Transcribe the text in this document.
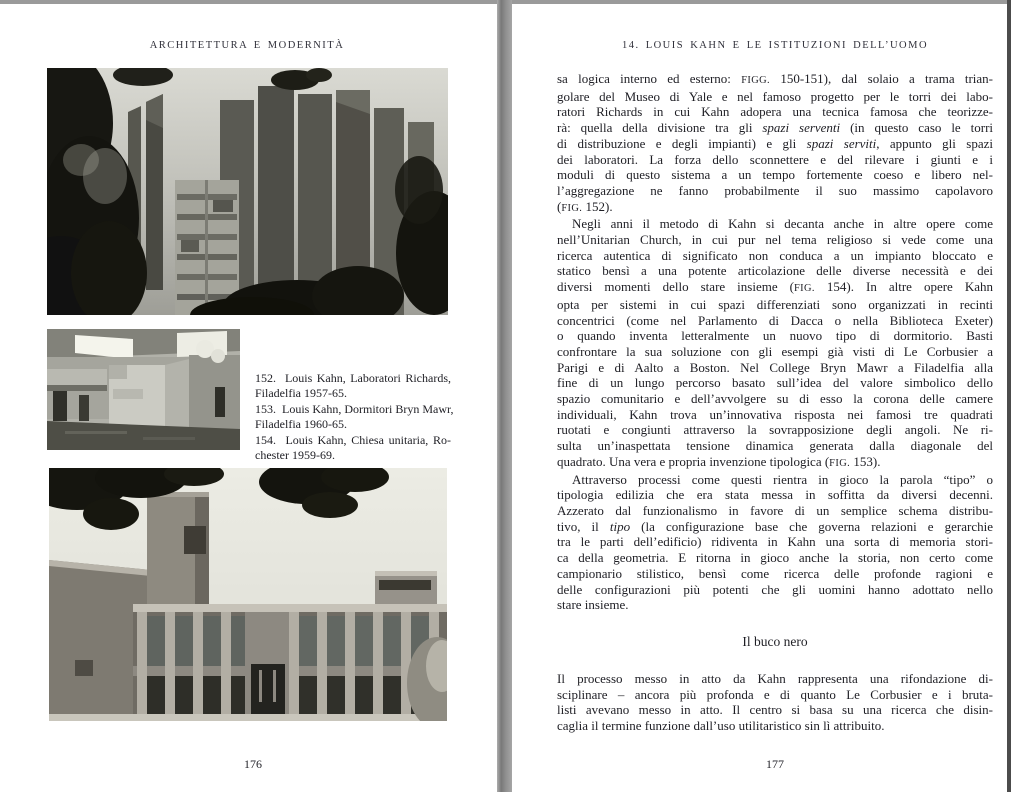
ARCHITETTURA E MODERNITÀ
152.  Louis Kahn, Laboratori Richards,
Filadelfia 1957-65.
153.  Louis Kahn, Dormitori Bryn Mawr,
Filadelfia 1960-65.
154.  Louis Kahn, Chiesa unitaria, Ro-
chester 1959-69.
176
14. LOUIS KAHN E LE ISTITUZIONI DELL’UOMO
sa logica interno ed esterno: FIGG. 150-151), dal solaio a trama trian-
golare del Museo di Yale e nel famoso progetto per le torri dei labo-
ratori Richards in cui Kahn adopera una tecnica famosa che teorizze-
rà: quella della divisione tra gli spazi serventi (in questo caso le torri
di distribuzione e degli impianti) e gli spazi serviti, appunto gli spazi
dei laboratori. La forza dello sconnettere e del rilevare i giunti e i
moduli di questo sistema a un tempo fortemente coeso e libero nel-
l’aggregazione ne fanno probabilmente il suo massimo capolavoro
(FIG. 152).
Negli anni il metodo di Kahn si decanta anche in altre opere come
nell’Unitarian Church, in cui pur nel tema religioso si vede come una
ricerca autentica di significato non conduca a un impianto bloccato e
statico bensì a una potente articolazione delle diverse necessità e dei
diversi momenti dello stare insieme (FIG. 154). In altre opere Kahn
opta per sistemi in cui spazi differenziati sono organizzati in recinti
concentrici (come nel Parlamento di Dacca o nella Biblioteca Exeter)
o quando inventa letteralmente un nuovo tipo di dormitorio. Basti
confrontare la sua soluzione con gli esempi già visti di Le Corbusier a
Parigi e di Aalto a Boston. Nel College Bryn Mawr a Filadelfia alla
fine di un lungo percorso basato sull’idea del valore simbolico dello
spazio comunitario e dell’avvolgere su di esso la corona delle camere
individuali, Kahn trova un’innovativa risposta nei famosi tre quadrati
ruotati e congiunti attraverso la sovrapposizione degli angoli. Ne ri-
sulta un’inaspettata tensione dinamica generata dalla diagonale del
quadrato. Una vera e propria invenzione tipologica (FIG. 153).
Attraverso processi come questi rientra in gioco la parola “tipo” o
tipologia edilizia che era stata messa in soffitta da diversi decenni.
Azzerato dal funzionalismo in favore di un semplice schema distribu-
tivo, il tipo (la configurazione base che governa relazioni e gerarchie
tra le parti dell’edificio) ridiventa in Kahn una sorta di memoria stori-
ca della geometria. E ritorna in gioco anche la storia, non certo come
campionario stilistico, bensì come ricerca delle profonde ragioni e
delle configurazioni più potenti che gli uomini hanno adottato nello
stare insieme.
Il buco nero
Il processo messo in atto da Kahn rappresenta una rifondazione di-
sciplinare – ancora più profonda e di quanto Le Corbusier e i bruta-
listi avevano messo in atto. Il centro si basa su una ricerca che disin-
caglia il termine funzione dall’uso utilitaristico sin lì attribuito.
177
